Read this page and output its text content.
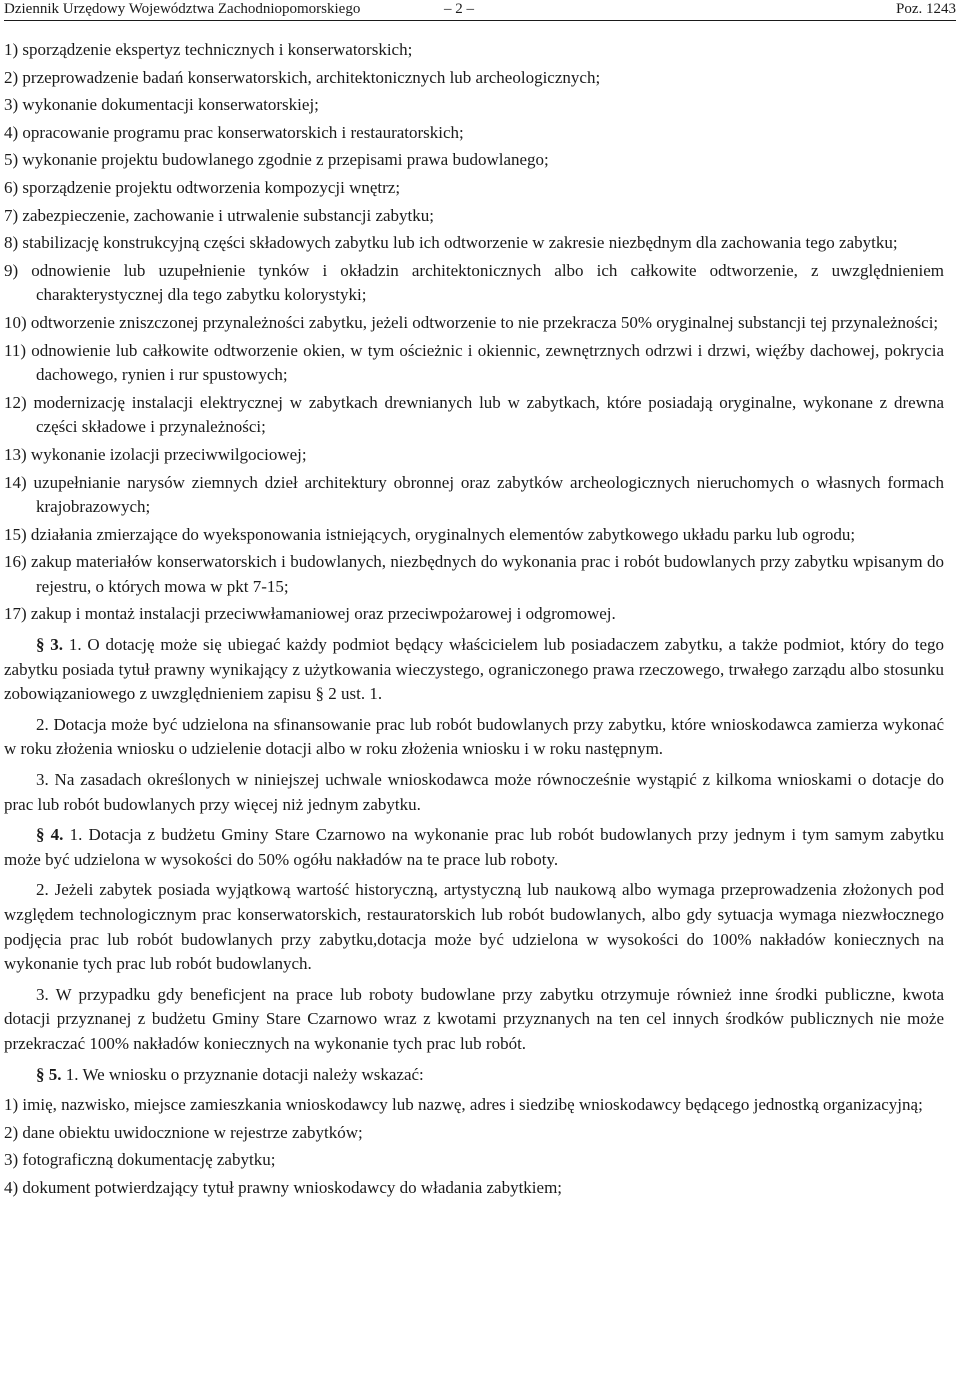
Dziennik Urzędowy Województwa Zachodniopomorskiego	– 2 –	Poz. 1243
1) sporządzenie ekspertyz technicznych i konserwatorskich;
2) przeprowadzenie badań konserwatorskich, architektonicznych lub archeologicznych;
3) wykonanie dokumentacji konserwatorskiej;
4) opracowanie programu prac konserwatorskich i restauratorskich;
5) wykonanie projektu budowlanego zgodnie z przepisami prawa budowlanego;
6) sporządzenie projektu odtworzenia kompozycji wnętrz;
7) zabezpieczenie, zachowanie i utrwalenie substancji zabytku;
8) stabilizację konstrukcyjną części składowych zabytku lub ich odtworzenie w zakresie niezbędnym dla zachowania tego zabytku;
9) odnowienie lub uzupełnienie tynków i okładzin architektonicznych albo ich całkowite odtworzenie, z uwzględnieniem charakterystycznej dla tego zabytku kolorystyki;
10) odtworzenie zniszczonej przynależności zabytku, jeżeli odtworzenie to nie przekracza 50% oryginalnej substancji tej przynależności;
11) odnowienie lub całkowite odtworzenie okien, w tym ościeżnic i okiennic, zewnętrznych odrzwi i drzwi, więźby dachowej, pokrycia dachowego, rynien i rur spustowych;
12) modernizację instalacji elektrycznej w zabytkach drewnianych lub w zabytkach, które posiadają oryginalne, wykonane z drewna części składowe i przynależności;
13) wykonanie izolacji przeciwwilgociowej;
14) uzupełnianie narysów ziemnych dzieł architektury obronnej oraz zabytków archeologicznych nieruchomych o własnych formach krajobrazowych;
15) działania zmierzające do wyeksponowania istniejących, oryginalnych elementów zabytkowego układu parku lub ogrodu;
16) zakup materiałów konserwatorskich i budowlanych, niezbędnych do wykonania prac i robót budowlanych przy zabytku wpisanym do rejestru, o których mowa w pkt 7-15;
17) zakup i montaż instalacji przeciwwłamaniowej oraz przeciwpożarowej i odgromowej.
§ 3. 1. O dotację może się ubiegać każdy podmiot będący właścicielem lub posiadaczem zabytku, a także podmiot, który do tego zabytku posiada tytuł prawny wynikający z użytkowania wieczystego, ograniczonego prawa rzeczowego, trwałego zarządu albo stosunku zobowiązaniowego z uwzględnieniem zapisu § 2 ust. 1.
2. Dotacja może być udzielona na sfinansowanie prac lub robót budowlanych przy zabytku, które wnioskodawca zamierza wykonać w roku złożenia wniosku o udzielenie dotacji albo w roku złożenia wniosku i w roku następnym.
3. Na zasadach określonych w niniejszej uchwale wnioskodawca może równocześnie wystąpić z kilkoma wnioskami o dotacje do prac lub robót budowlanych przy więcej niż jednym zabytku.
§ 4. 1. Dotacja z budżetu Gminy Stare Czarnowo na wykonanie prac lub robót budowlanych przy jednym i tym samym zabytku może być udzielona w wysokości do 50% ogółu nakładów na te prace lub roboty.
2. Jeżeli zabytek posiada wyjątkową wartość historyczną, artystyczną lub naukową albo wymaga przeprowadzenia złożonych pod względem technologicznym prac konserwatorskich, restauratorskich lub robót budowlanych, albo gdy sytuacja wymaga niezwłocznego podjęcia prac lub robót budowlanych przy zabytku,dotacja może być udzielona w wysokości do 100% nakładów koniecznych na wykonanie tych prac lub robót budowlanych.
3. W przypadku gdy beneficjent na prace lub roboty budowlane przy zabytku otrzymuje również inne środki publiczne, kwota dotacji przyznanej z budżetu Gminy Stare Czarnowo wraz z kwotami przyznanych na ten cel innych środków publicznych nie może przekraczać 100% nakładów koniecznych na wykonanie tych prac lub robót.
§ 5. 1. We wniosku o przyznanie dotacji należy wskazać:
1) imię, nazwisko, miejsce zamieszkania wnioskodawcy lub nazwę, adres i siedzibę wnioskodawcy będącego jednostką organizacyjną;
2) dane obiektu uwidocznione w rejestrze zabytków;
3) fotograficzną dokumentację zabytku;
4) dokument potwierdzający tytuł prawny wnioskodawcy do władania zabytkiem;
